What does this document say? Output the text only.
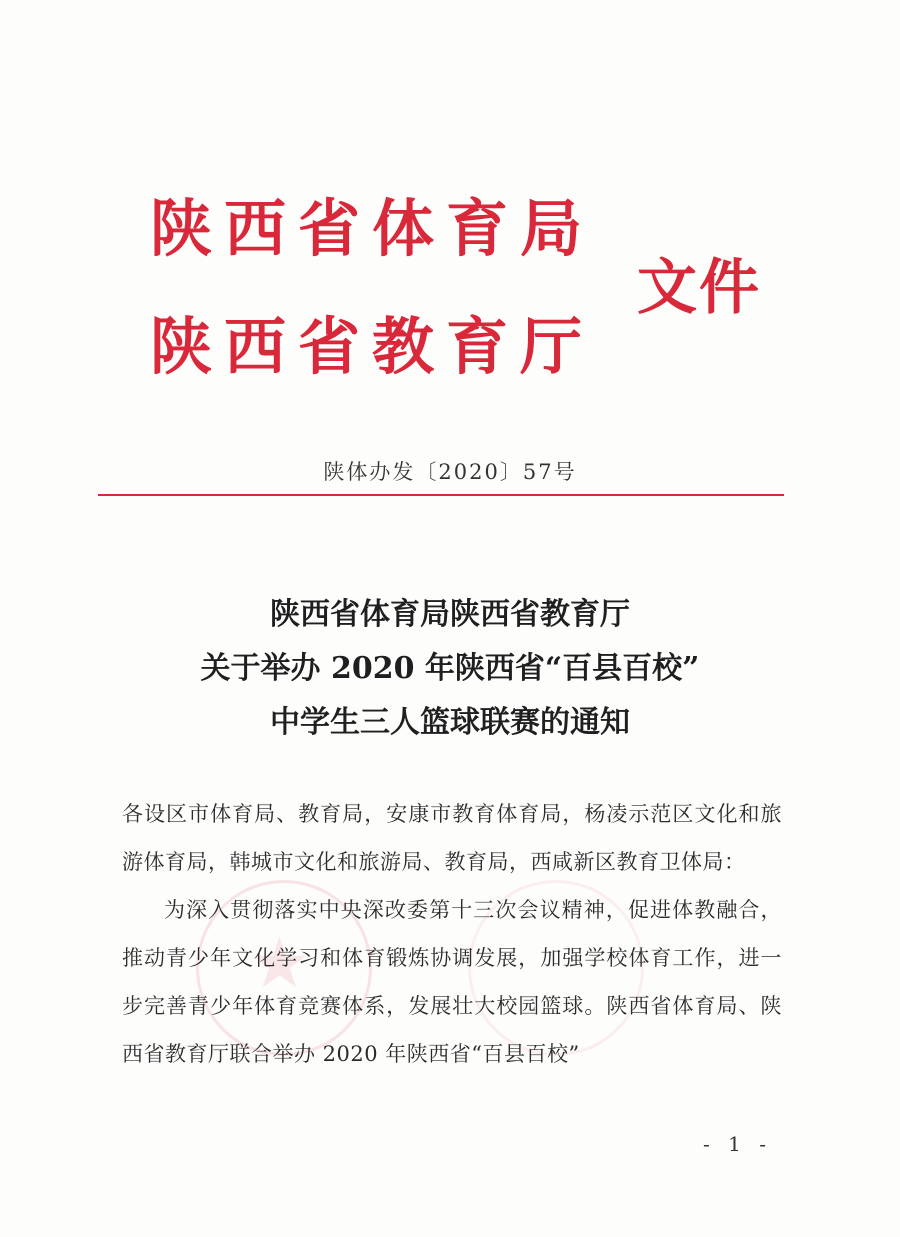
★
陕西省体育局
陕西省教育厅
文件
陕体办发〔2020〕57号
陕西省体育局陕西省教育厅
关于举办 2020 年陕西省“百县百校”
中学生三人篮球联赛的通知

各设区市体育局、教育局，安康市教育体育局，杨凌示范区文化和旅游体育局，韩城市文化和旅游局、教育局，西咸新区教育卫体局：

为深入贯彻落实中央深改委第十三次会议精神，促进体教融合，推动青少年文化学习和体育锻炼协调发展，加强学校体育工作，进一步完善青少年体育竞赛体系，发展壮大校园篮球。陕西省体育局、陕西省教育厅联合举办 2020 年陕西省“百县百校”

- 1 -
